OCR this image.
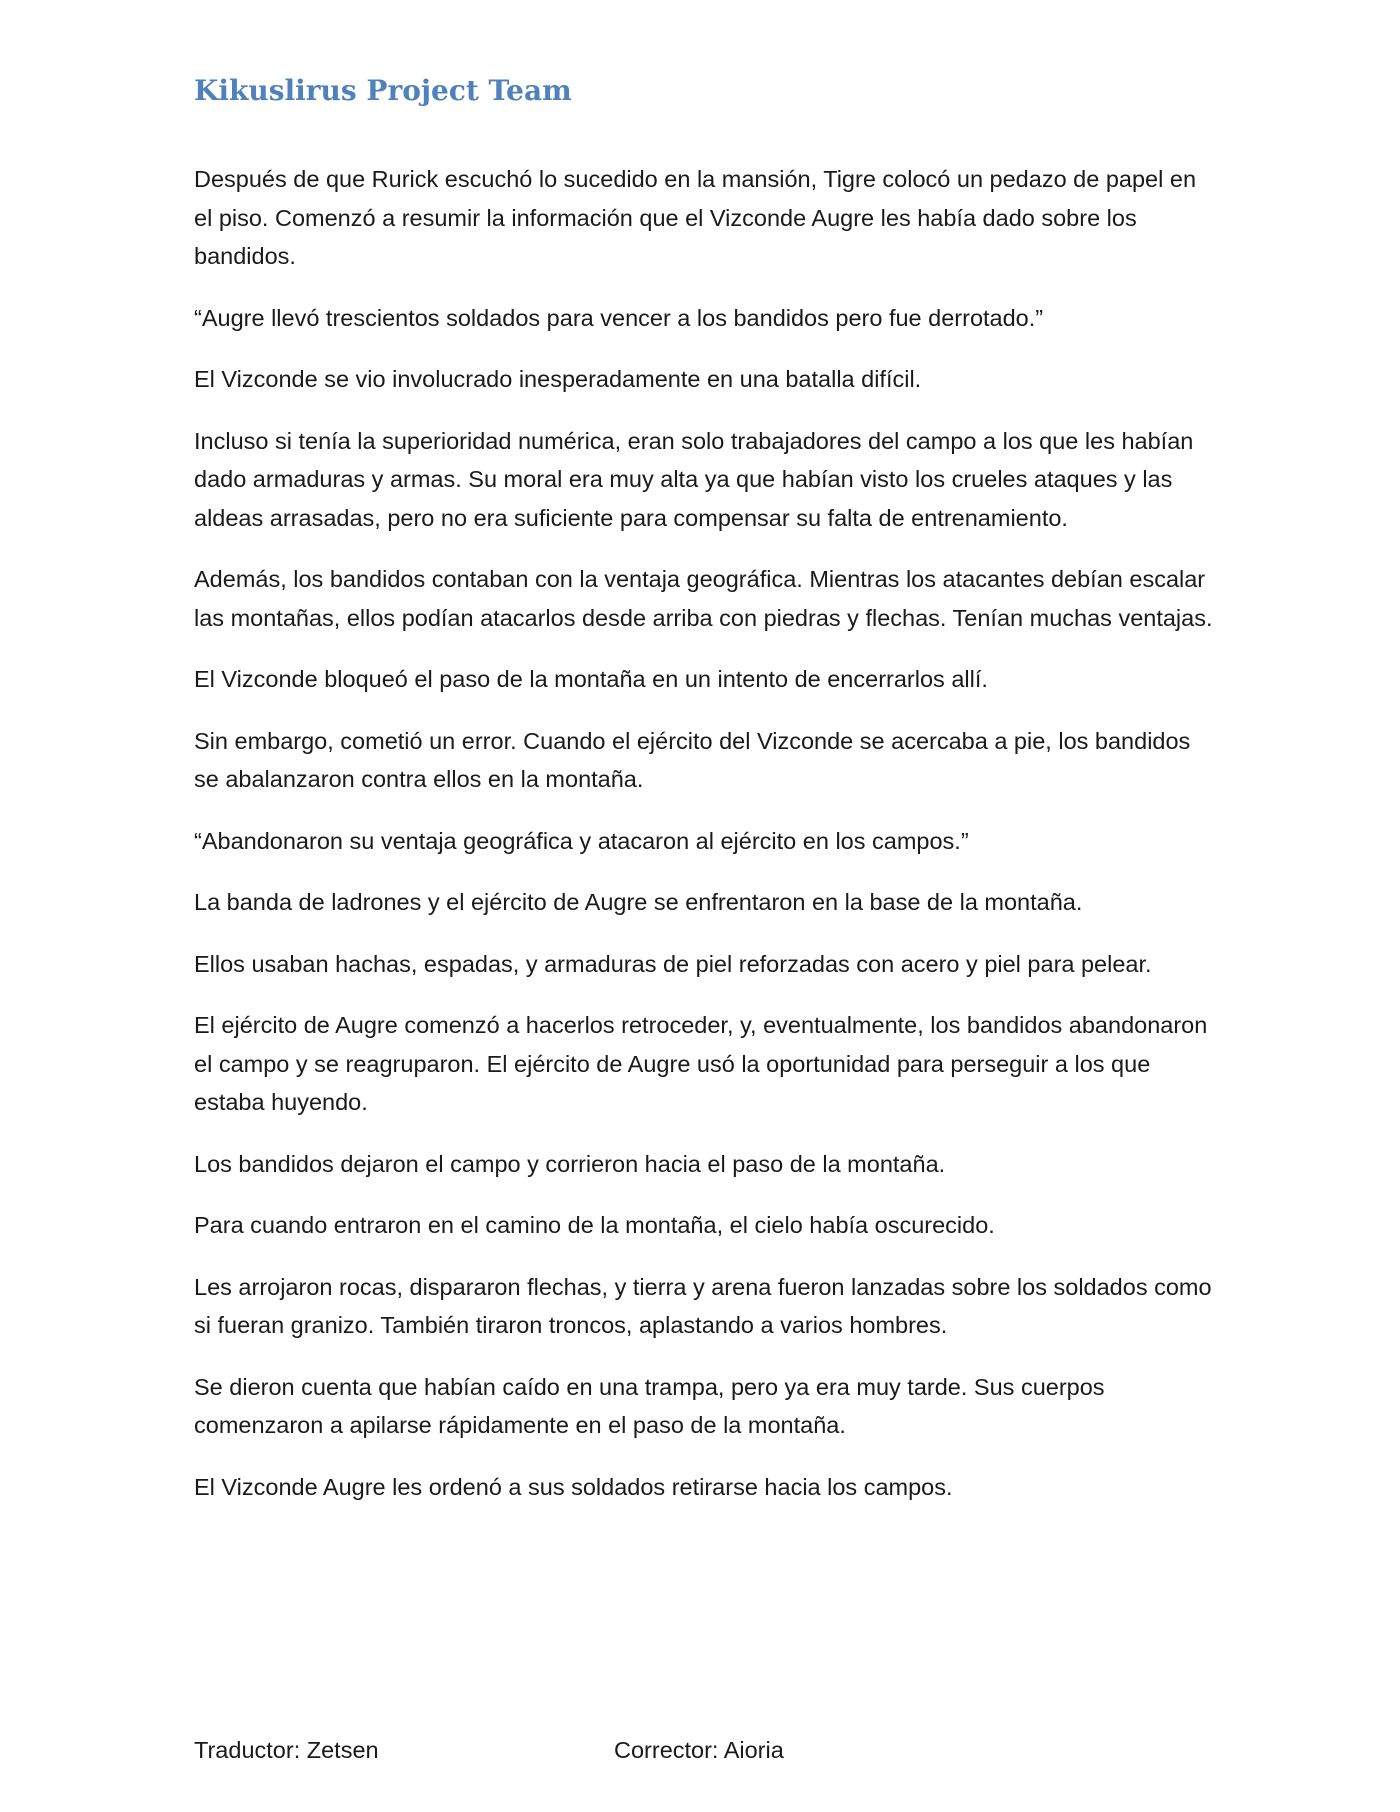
Kikuslirus Project Team

Después de que Rurick escuchó lo sucedido en la mansión, Tigre colocó un pedazo de papel en el piso. Comenzó a resumir la información que el Vizconde Augre les había dado sobre los bandidos.

“Augre llevó trescientos soldados para vencer a los bandidos pero fue derrotado.”

El Vizconde se vio involucrado inesperadamente en una batalla difícil.

Incluso si tenía la superioridad numérica, eran solo trabajadores del campo a los que les habían dado armaduras y armas. Su moral era muy alta ya que habían visto los crueles ataques y las aldeas arrasadas, pero no era suficiente para compensar su falta de entrenamiento.

Además, los bandidos contaban con la ventaja geográfica. Mientras los atacantes debían escalar las montañas, ellos podían atacarlos desde arriba con piedras y flechas. Tenían muchas ventajas.

El Vizconde bloqueó el paso de la montaña en un intento de encerrarlos allí.

Sin embargo, cometió un error. Cuando el ejército del Vizconde se acercaba a pie, los bandidos se abalanzaron contra ellos en la montaña.

“Abandonaron su ventaja geográfica y atacaron al ejército en los campos.”

La banda de ladrones y el ejército de Augre se enfrentaron en la base de la montaña.

Ellos usaban hachas, espadas, y armaduras de piel reforzadas con acero y piel para pelear.

El ejército de Augre comenzó a hacerlos retroceder, y, eventualmente, los bandidos abandonaron el campo y se reagruparon. El ejército de Augre usó la oportunidad para perseguir a los que estaba huyendo.

Los bandidos dejaron el campo y corrieron hacia el paso de la montaña.

Para cuando entraron en el camino de la montaña, el cielo había oscurecido.

Les arrojaron rocas, dispararon flechas, y tierra y arena fueron lanzadas sobre los soldados como si fueran granizo. También tiraron troncos, aplastando a varios hombres.

Se dieron cuenta que habían caído en una trampa, pero ya era muy tarde. Sus cuerpos comenzaron a apilarse rápidamente en el paso de la montaña.

El Vizconde Augre les ordenó a sus soldados retirarse hacia los campos.

Traductor: Zetsen	Corrector: Aioria
